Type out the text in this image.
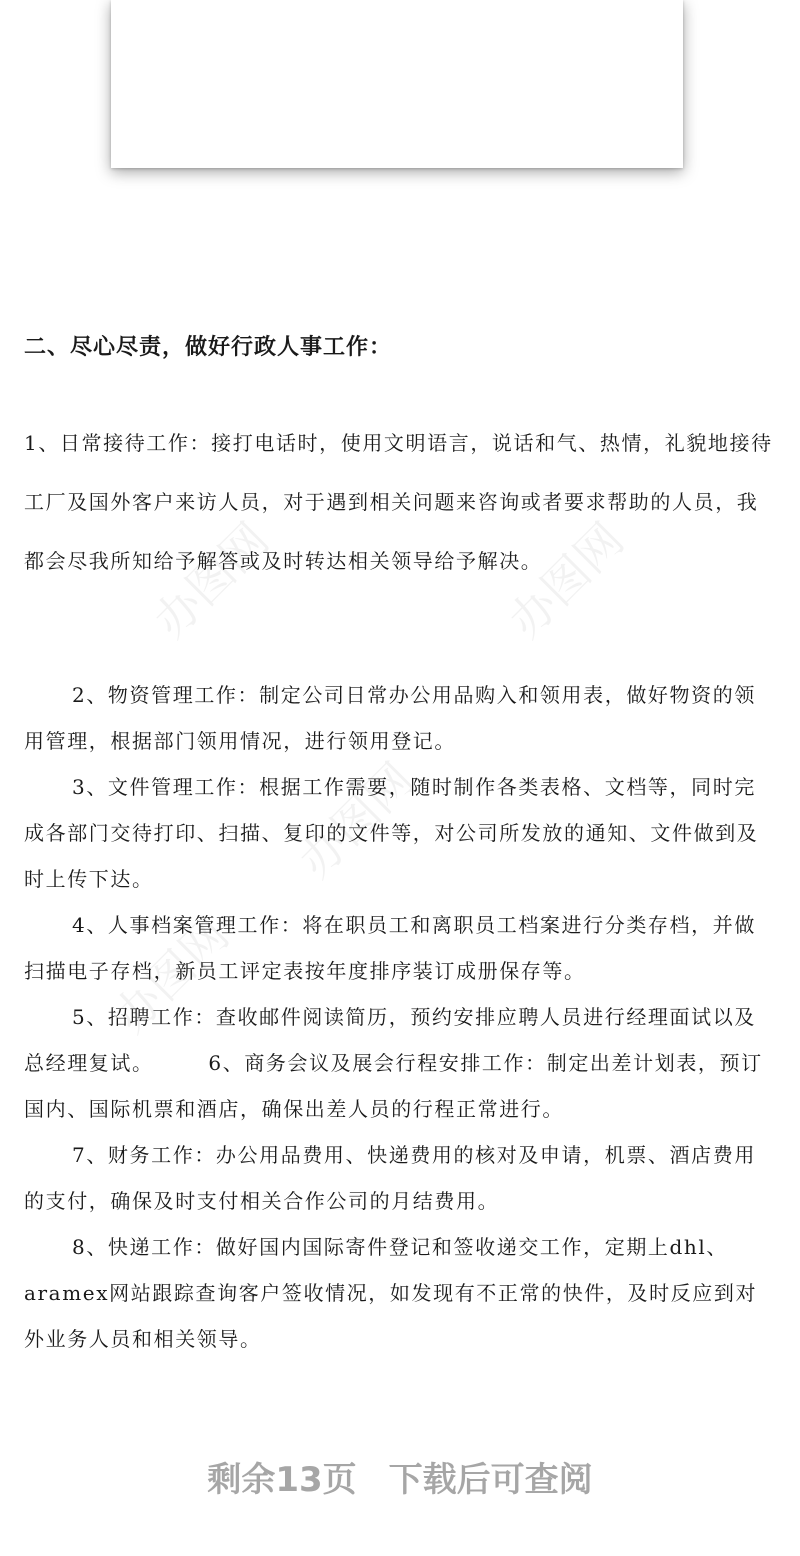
办图网	办图网
办图网
办图网
二、尽心尽责，做好行政人事工作：

1、日常接待工作：接打电话时，使用文明语言，说话和气、热情，礼貌地接待工厂及国外客户来访人员，对于遇到相关问题来咨询或者要求帮助的人员，我都会尽我所知给予解答或及时转达相关领导给予解决。

2、物资管理工作：制定公司日常办公用品购入和领用表，做好物资的领用管理，根据部门领用情况，进行领用登记。

3、文件管理工作：根据工作需要，随时制作各类表格、文档等，同时完成各部门交待打印、扫描、复印的文件等，对公司所发放的通知、文件做到及时上传下达。

4、人事档案管理工作：将在职员工和离职员工档案进行分类存档，并做扫描电子存档，新员工评定表按年度排序装订成册保存等。

5、招聘工作：查收邮件阅读简历，预约安排应聘人员进行经理面试以及总经理复试。　　　6、商务会议及展会行程安排工作：制定出差计划表，预订国内、国际机票和酒店，确保出差人员的行程正常进行。

7、财务工作：办公用品费用、快递费用的核对及申请，机票、酒店费用的支付，确保及时支付相关合作公司的月结费用。

8、快递工作：做好国内国际寄件登记和签收递交工作，定期上dhl、aramex网站跟踪查询客户签收情况，如发现有不正常的快件，及时反应到对外业务人员和相关领导。

剩余13页 下载后可查阅
